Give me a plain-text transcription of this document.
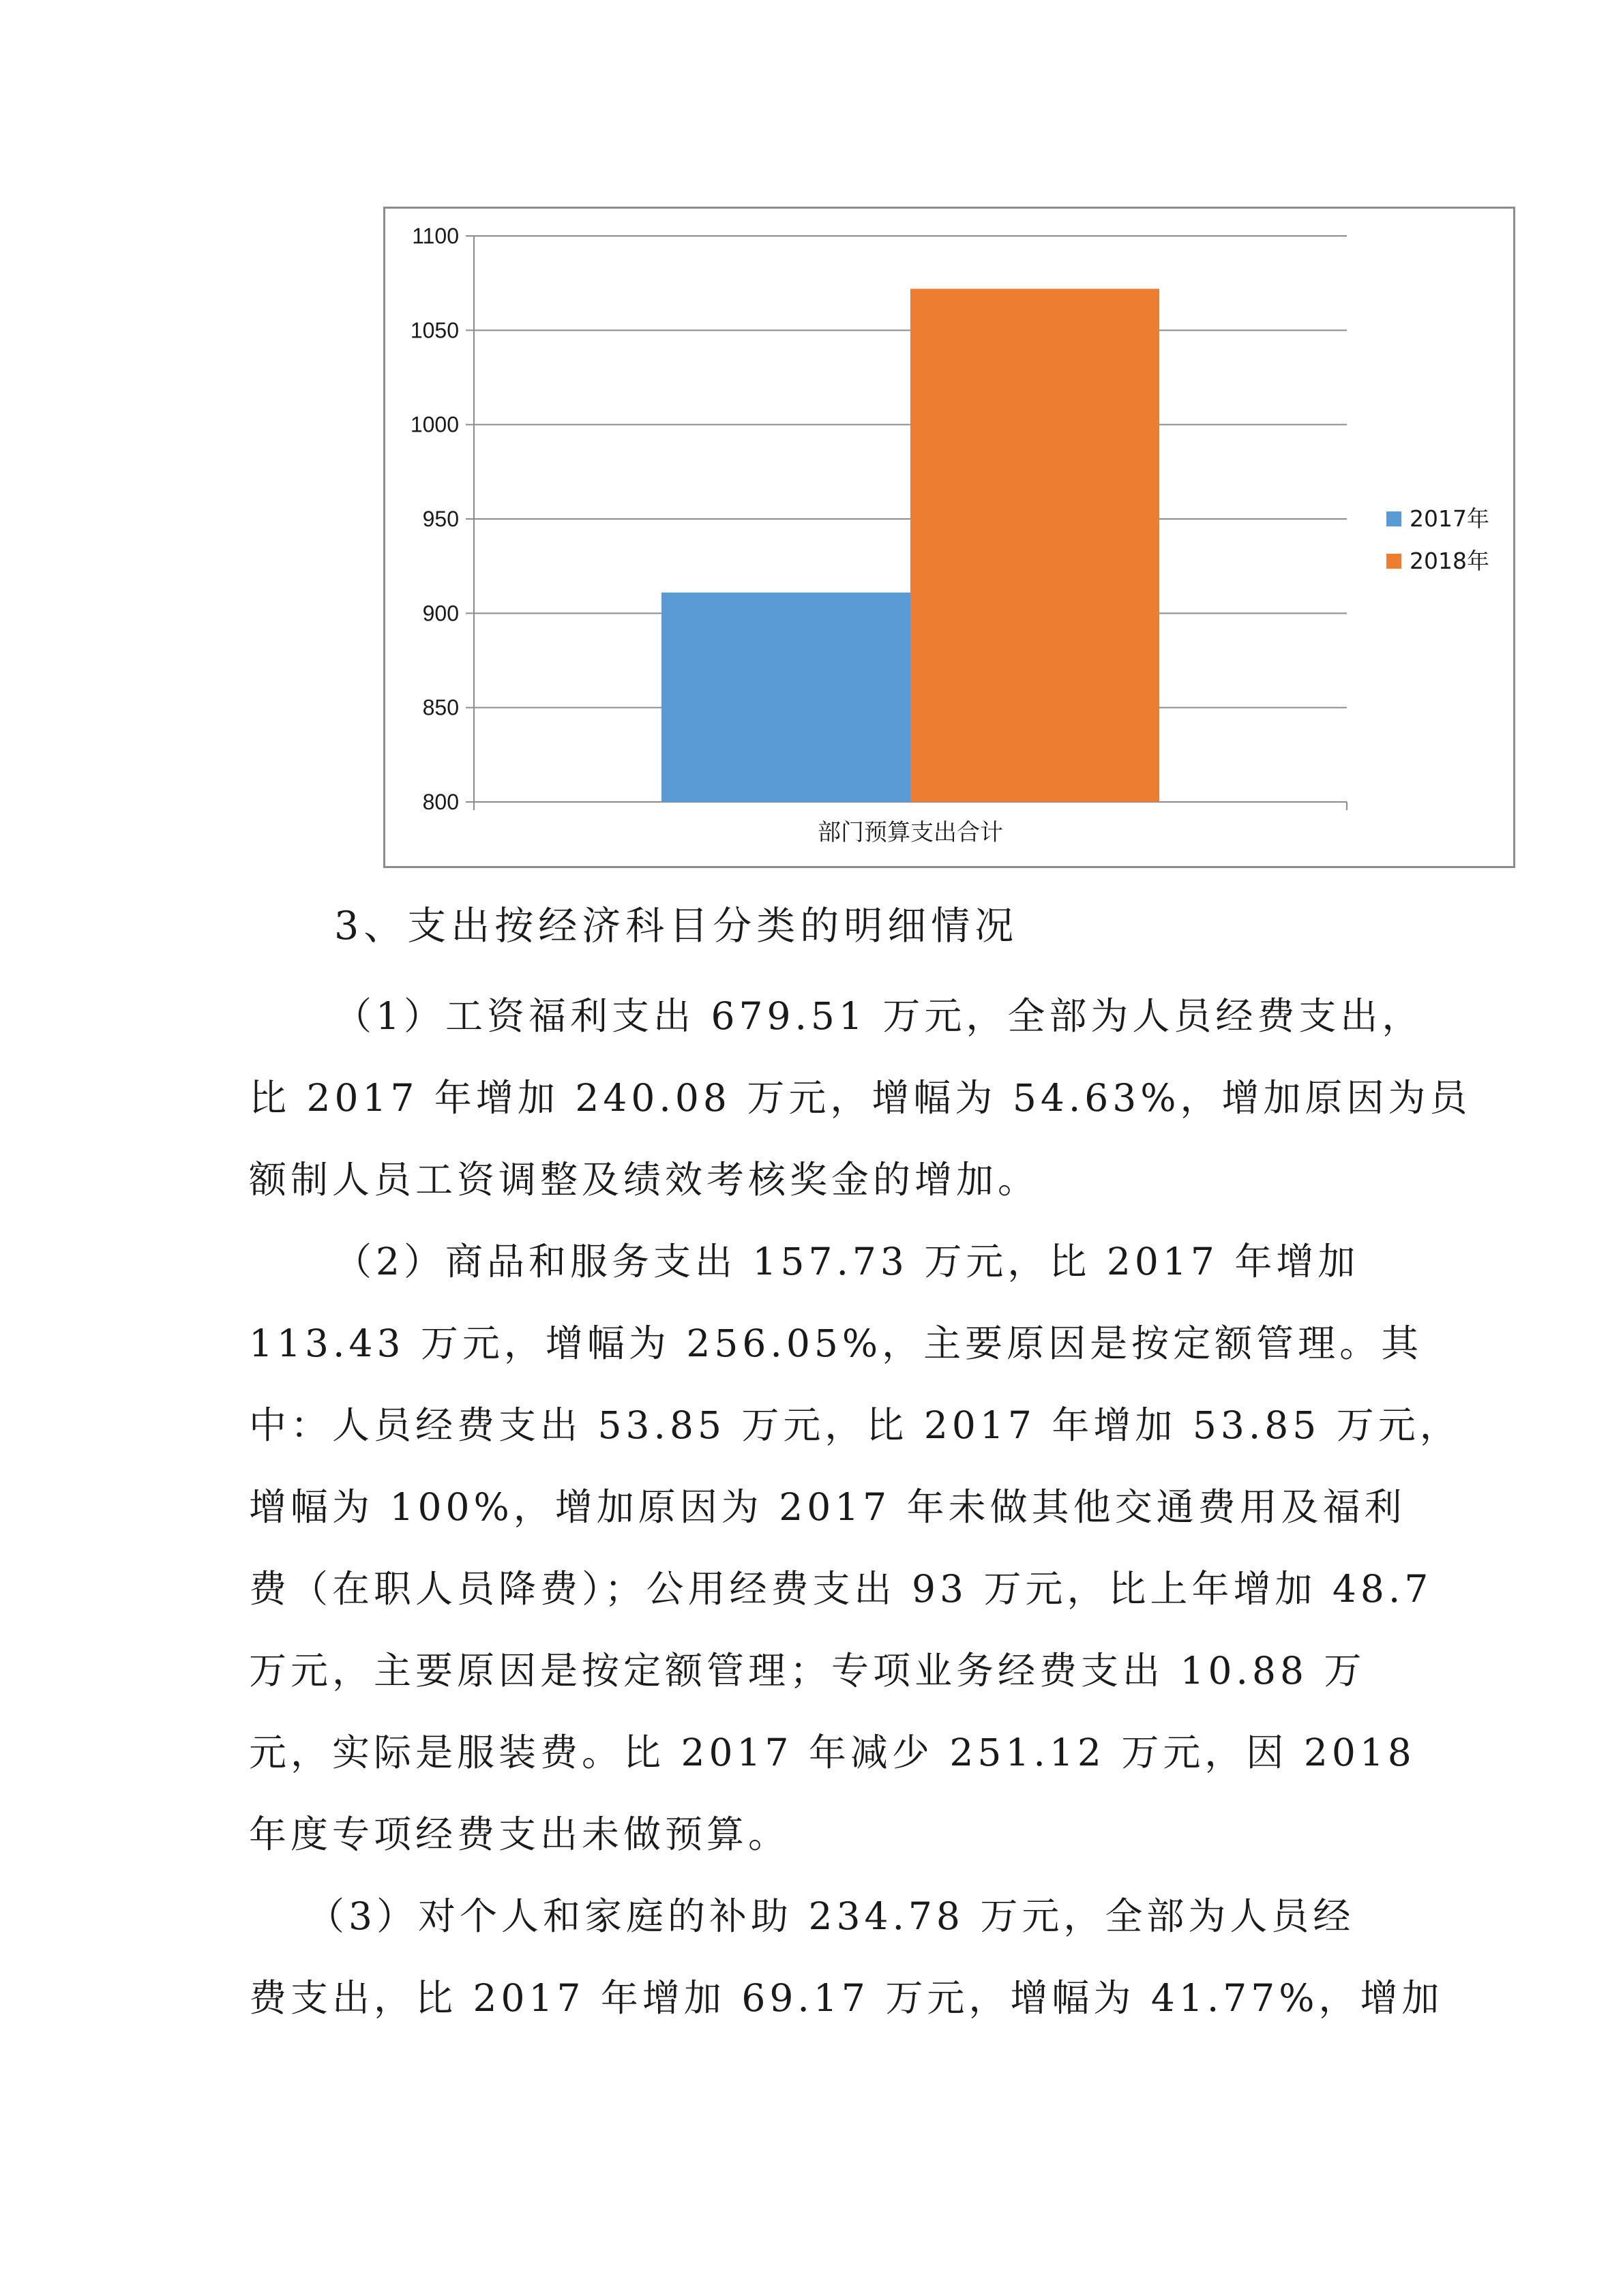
800
850
900
950
1000
1050
1100
部门预算支出合计
2017年
2018年
3、支出按经济科目分类的明细情况
（1）工资福利支出 679.51 万元，全部为人员经费支出，
比 2017 年增加 240.08 万元，增幅为 54.63%，增加原因为员
额制人员工资调整及绩效考核奖金的增加。
（2）商品和服务支出 157.73 万元，比 2017 年增加
113.43 万元，增幅为 256.05%，主要原因是按定额管理。其
中：人员经费支出 53.85 万元，比 2017 年增加 53.85 万元，
增幅为 100%，增加原因为 2017 年未做其他交通费用及福利
费（在职人员降费）；公用经费支出 93 万元，比上年增加 48.7
万元，主要原因是按定额管理；专项业务经费支出 10.88 万
元，实际是服装费。比 2017 年减少 251.12 万元，因 2018
年度专项经费支出未做预算。
（3）对个人和家庭的补助 234.78 万元，全部为人员经
费支出，比 2017 年增加 69.17 万元，增幅为 41.77%，增加
